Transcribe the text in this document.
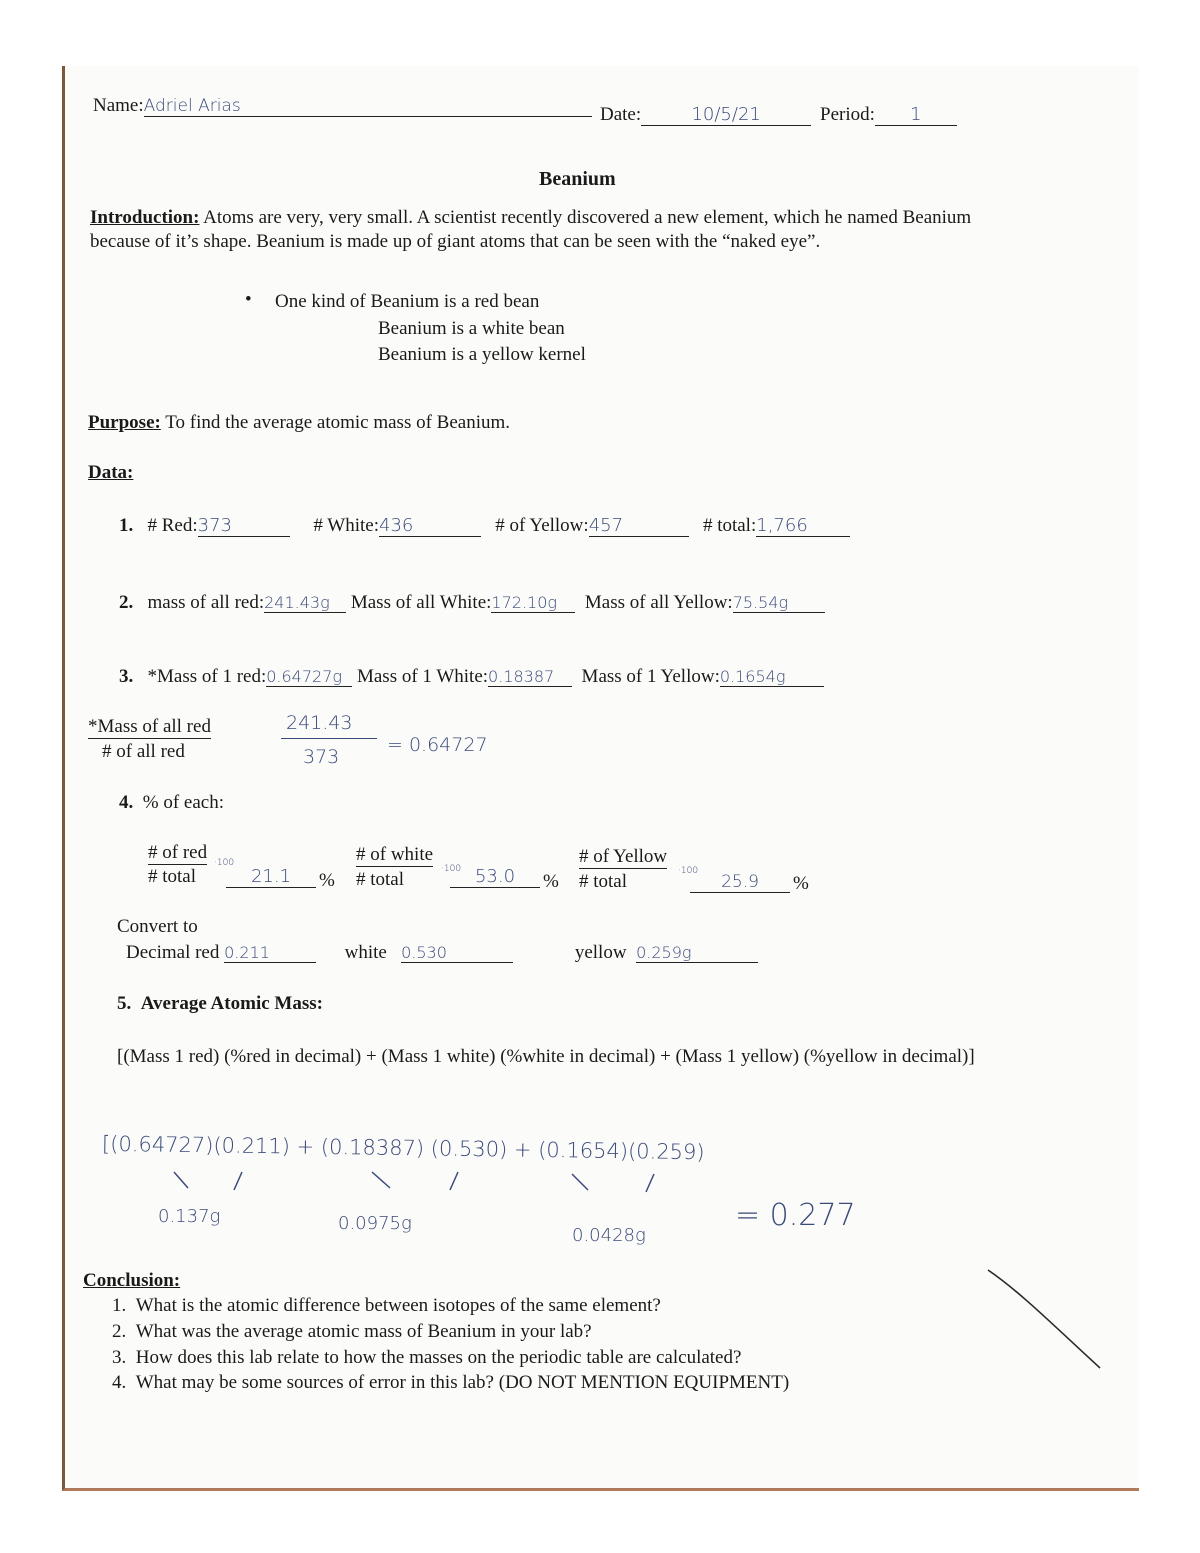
Name:Adriel Arias	Date:	10/5/21	Period: 1
Beanium
Introduction: Atoms are very, very small. A scientist recently discovered a new element, which he named Beanium
because of it’s shape. Beanium is made up of giant atoms that can be seen with the “naked eye”.
• One kind of Beanium is a red bean
Beanium is a white bean
Beanium is a yellow kernel
Purpose: To find the average atomic mass of Beanium.
Data:
1. # Red:373	# White:436	# of Yellow:457	# total:1,766
2. mass of all red:241.43g Mass of all White:172.10g Mass of all Yellow:75.54g
3. *Mass of 1 red:0.64727g Mass of 1 White:0.18387 Mass of 1 Yellow:0.1654g
*Mass of all red
# of all red
241.43
373
= 0.64727
4. % of each:
# of red
# total
·100
21.1	%
# of white
# total	·100 53.0	%
# of Yellow
# total	·100
25.9	%
Convert to
Decimal red 0.211	white 0.530	yellow 0.259g
5. Average Atomic Mass:
[(Mass 1 red) (%red in decimal) + (Mass 1 white) (%white in decimal) + (Mass 1 yellow) (%yellow in decimal)]
[(0.64727)(0.211) + (0.18387) (0.530) + (0.1654)(0.259)
0.137g	0.0975g
0.0428g
= 0.277
Conclusion:
1. What is the atomic difference between isotopes of the same element?
2. What was the average atomic mass of Beanium in your lab?
3. How does this lab relate to how the masses on the periodic table are calculated?
4. What may be some sources of error in this lab? (DO NOT MENTION EQUIPMENT)
